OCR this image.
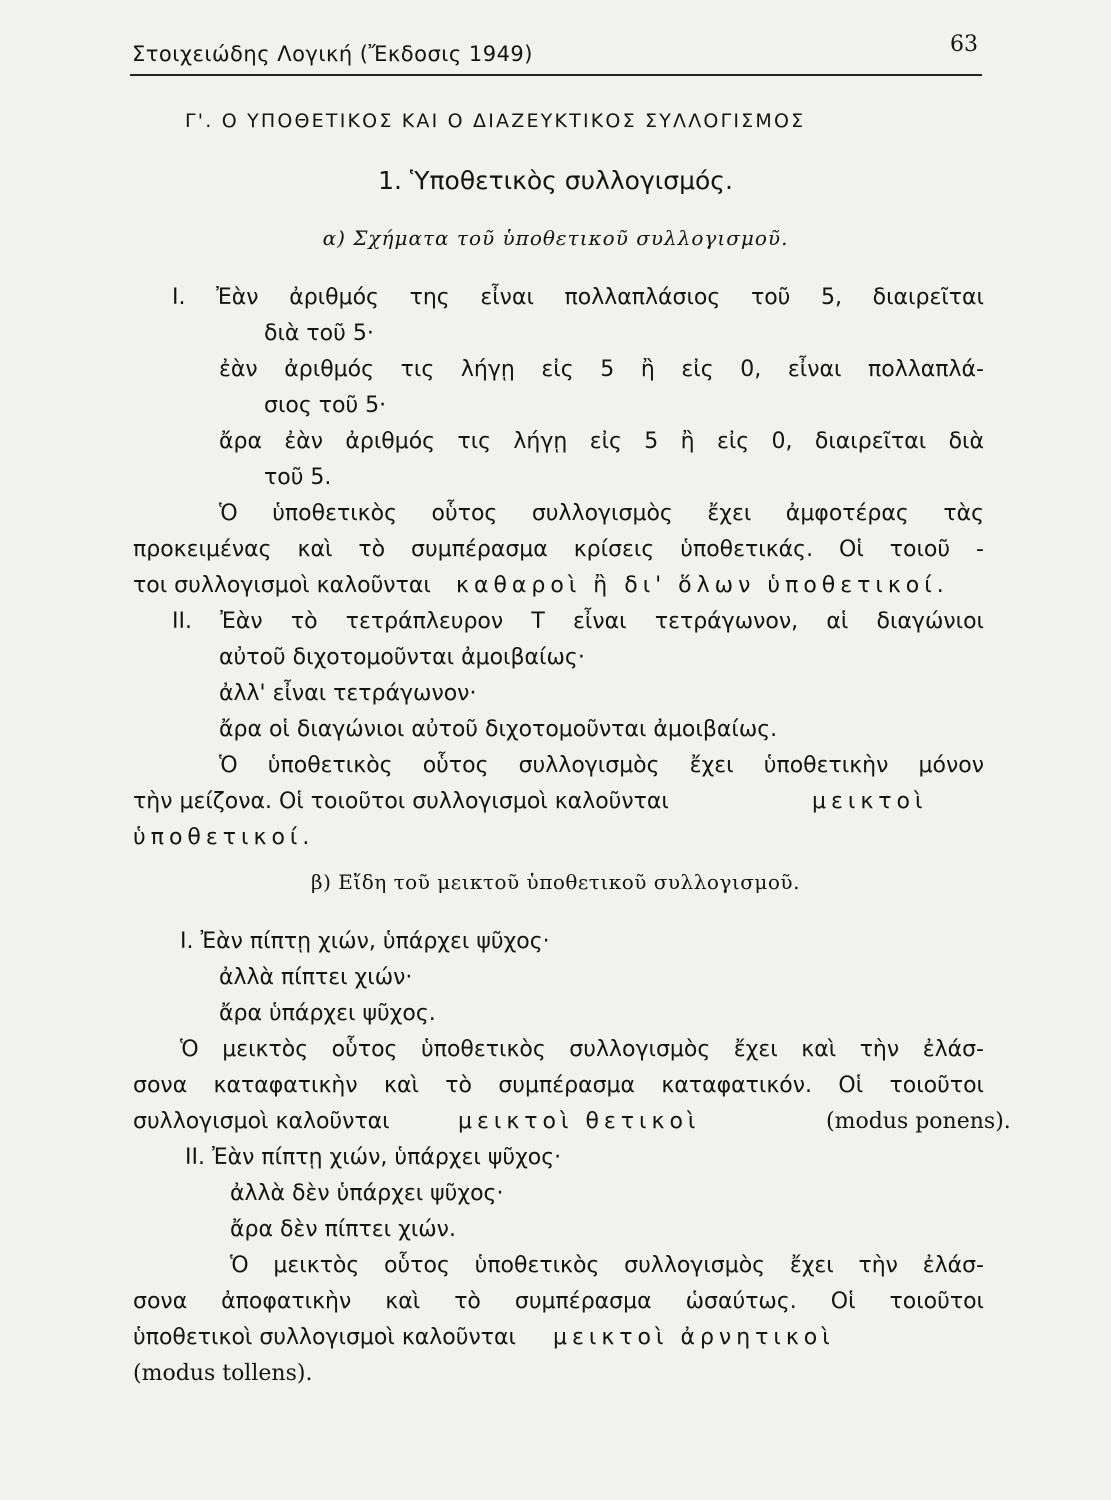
Στοιχειώδης Λογική (Ἔκδοσις 1949)	63
Γ'. Ο ΥΠΟΘΕΤΙΚΟΣ ΚΑΙ Ο ΔΙΑΖΕΥΚΤΙΚΟΣ ΣΥΛΛΟΓΙΣΜΟΣ
1. Ὑποθετικὸς συλλογισμός.
α) Σχήματα τοῦ ὑποθετικοῦ συλλογισμοῦ.
Ι. Ἐὰν ἀριθμός της εἶναι πολλαπλάσιος τοῦ 5, διαιρεῖται
διὰ τοῦ 5·
ἐὰν ἀριθμός τις λήγῃ εἰς 5 ἢ εἰς 0, εἶναι πολλαπλά-
σιος τοῦ 5·
ἄρα ἐὰν ἀριθμός τις λήγῃ εἰς 5 ἢ εἰς 0, διαιρεῖται διὰ
τοῦ 5.
Ὁ ὑποθετικὸς οὗτος συλλογισμὸς ἔχει ἀμφοτέρας τὰς
προκειμένας καὶ τὸ συμπέρασμα κρίσεις ὑποθετικάς. Οἱ τοιοῦ -
τοι συλλογισμοὶ καλοῦνται καθαροὶ ἢ δι' ὅλων ὑποθετικοί.
ΙΙ. Ἐὰν τὸ τετράπλευρον Τ εἶναι τετράγωνον, αἱ διαγώνιοι
αὐτοῦ διχοτομοῦνται ἀμοιβαίως·
ἀλλ' εἶναι τετράγωνον·
ἄρα οἱ διαγώνιοι αὐτοῦ διχοτομοῦνται ἀμοιβαίως.
Ὁ ὑποθετικὸς οὗτος συλλογισμὸς ἔχει ὑποθετικὴν μόνον
τὴν μείζονα. Οἱ τοιοῦτοι συλλογισμοὶ καλοῦνται	μεικτοὶ
ὑποθετικοί.
β) Εἴδη τοῦ μεικτοῦ ὑποθετικοῦ συλλογισμοῦ.
Ι. Ἐὰν πίπτῃ χιών, ὑπάρχει ψῦχος·
ἀλλὰ πίπτει χιών·
ἄρα ὑπάρχει ψῦχος.
Ὁ μεικτὸς οὗτος ὑποθετικὸς συλλογισμὸς ἔχει καὶ τὴν ἐλάσ-
σονα καταφατικὴν καὶ τὸ συμπέρασμα καταφατικόν. Οἱ τοιοῦτοι
συλλογισμοὶ καλοῦνται	μεικτοὶ θετικοὶ	(modus ponens).
ΙΙ. Ἐὰν πίπτῃ χιών, ὑπάρχει ψῦχος·
ἀλλὰ δὲν ὑπάρχει ψῦχος·
ἄρα δὲν πίπτει χιών.
Ὁ μεικτὸς οὗτος ὑποθετικὸς συλλογισμὸς ἔχει τὴν ἐλάσ-
σονα ἀποφατικὴν καὶ τὸ συμπέρασμα ὡσαύτως. Οἱ τοιοῦτοι
ὑποθετικοὶ συλλογισμοὶ καλοῦνται μεικτοὶ ἀρνητικοὶ
(modus tollens).
